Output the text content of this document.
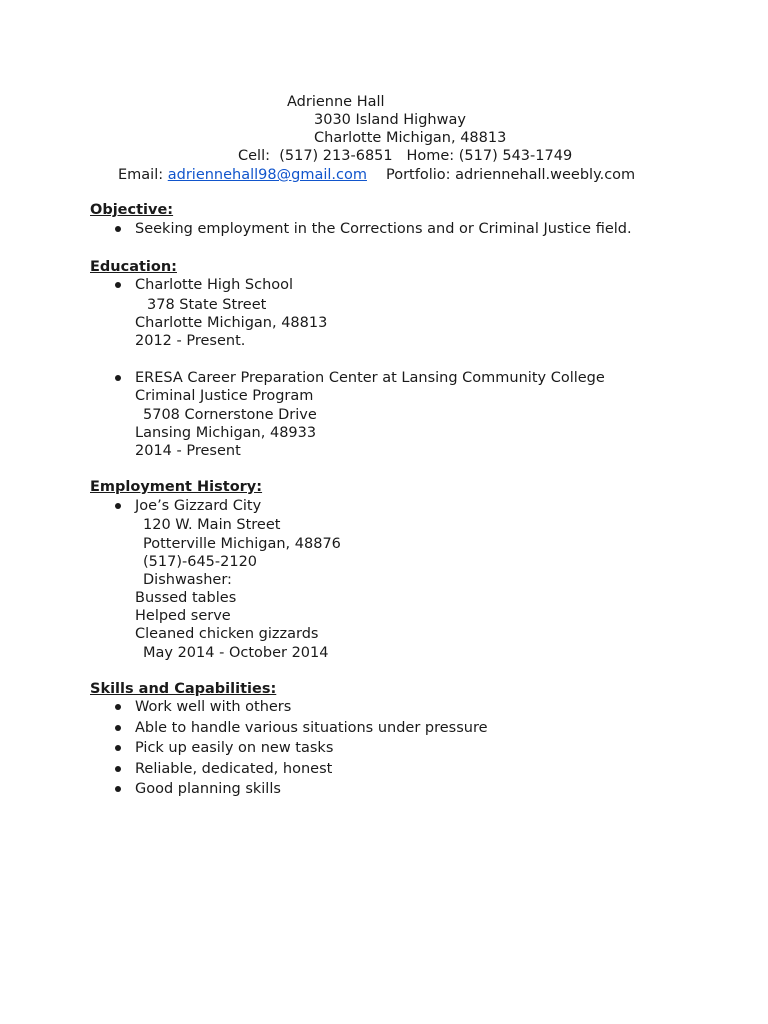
Adrienne Hall
3030 Island Highway
Charlotte Michigan, 48813
Cell:  (517) 213-6851   Home: (517) 543-1749
Email: adriennehall98@gmail.com Portfolio: adriennehall.weebly.com
Objective:
Seeking employment in the Corrections and or Criminal Justice field.
Education:
Charlotte High School
378 State Street
Charlotte Michigan, 48813
2012 - Present.
ERESA Career Preparation Center at Lansing Community College
Criminal Justice Program
5708 Cornerstone Drive
Lansing Michigan, 48933
2014 - Present
Employment History:
Joe’s Gizzard City
120 W. Main Street
Potterville Michigan, 48876
(517)-645-2120
Dishwasher:
Bussed tables
Helped serve
Cleaned chicken gizzards
May 2014 - October 2014
Skills and Capabilities:
Work well with others
Able to handle various situations under pressure
Pick up easily on new tasks
Reliable, dedicated, honest
Good planning skills
